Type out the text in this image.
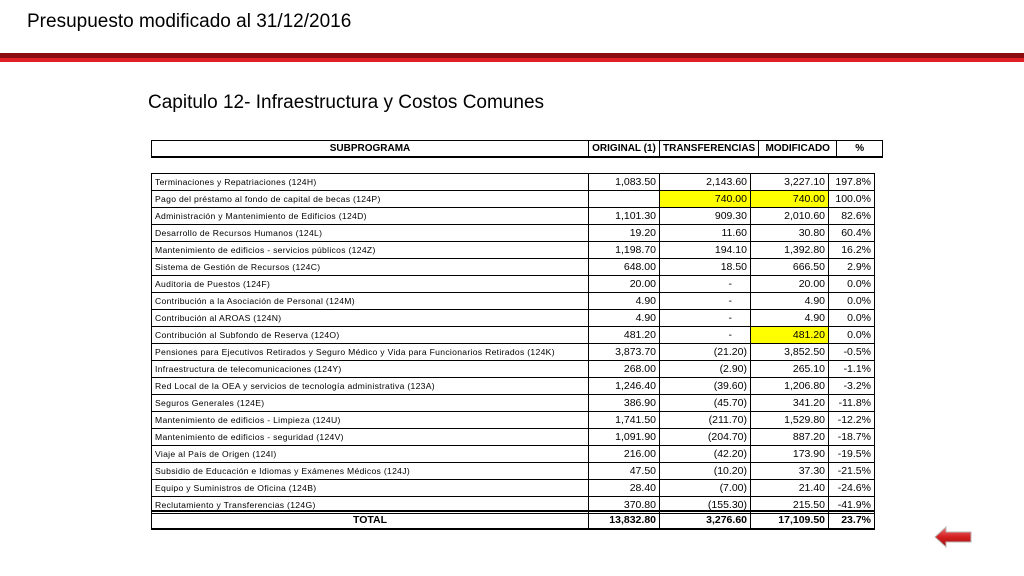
Presupuesto modificado al 31/12/2016
Capitulo 12- Infraestructura y Costos Comunes
SUBPROGRAMA	ORIGINAL (1)	TRANSFERENCIAS	MODIFICADO	%
Terminaciones y Repatriaciones (124H)	1,083.50	2,143.60	3,227.10	197.8%
Pago del préstamo al fondo de capital de becas (124P)		740.00	740.00	100.0%
Administración y Mantenimiento de Edificios (124D)	1,101.30	909.30	2,010.60	82.6%
Desarrollo de Recursos Humanos (124L)	19.20	11.60	30.80	60.4%
Mantenimiento de edificios - servicios públicos (124Z)	1,198.70	194.10	1,392.80	16.2%
Sistema de Gestión de Recursos (124C)	648.00	18.50	666.50	2.9%
Auditoria de Puestos (124F)	20.00	-	20.00	0.0%
Contribución a la Asociación de Personal (124M)	4.90	-	4.90	0.0%
Contribución al AROAS (124N)	4.90	-	4.90	0.0%
Contribución al Subfondo de Reserva (124O)	481.20	-	481.20	0.0%
Pensiones para Ejecutivos Retirados y Seguro Médico y Vida para Funcionarios Retirados (124K)	3,873.70	(21.20)	3,852.50	-0.5%
Infraestructura de telecomunicaciones (124Y)	268.00	(2.90)	265.10	-1.1%
Red Local de la OEA y servicios de tecnología administrativa (123A)	1,246.40	(39.60)	1,206.80	-3.2%
Seguros Generales (124E)	386.90	(45.70)	341.20	-11.8%
Mantenimiento de edificios - Limpieza (124U)	1,741.50	(211.70)	1,529.80	-12.2%
Mantenimiento de edificios - seguridad (124V)	1,091.90	(204.70)	887.20	-18.7%
Viaje al País de Origen (124I)	216.00	(42.20)	173.90	-19.5%
Subsidio de Educación e Idiomas y Exámenes Médicos (124J)	47.50	(10.20)	37.30	-21.5%
Equipo y Suministros de Oficina (124B)	28.40	(7.00)	21.40	-24.6%
Reclutamiento y Transferencias (124G)	370.80	(155.30)	215.50	-41.9%
TOTAL	13,832.80	3,276.60	17,109.50	23.7%
